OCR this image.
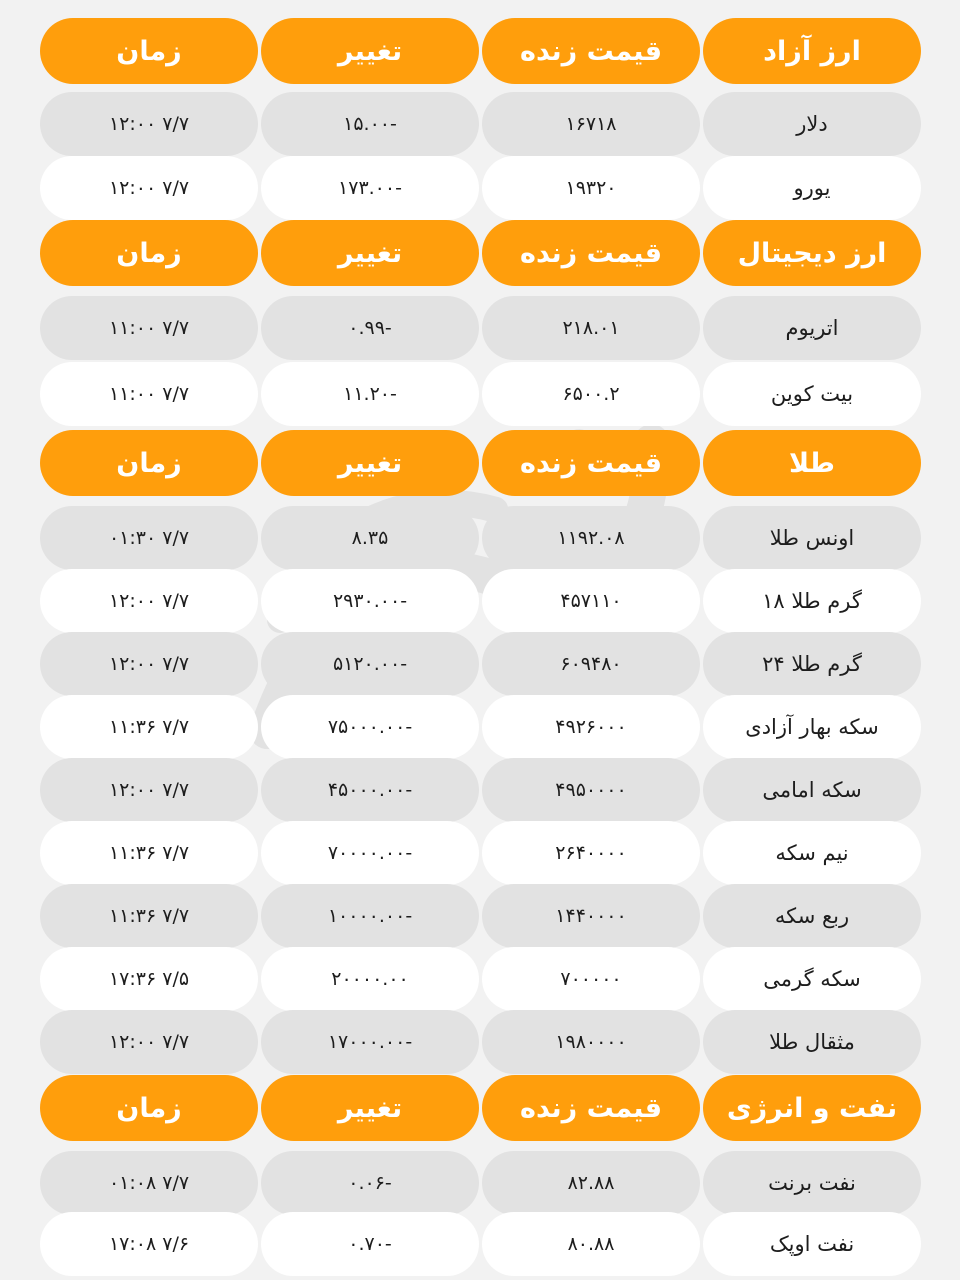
ارز آزاد
قیمت زنده
تغییر
زمان
دلار
۱۶۷۱۸
-۱۵.۰۰
۷/۷ ۱۲:۰۰
یورو
۱۹۳۲۰
-۱۷۳.۰۰
۷/۷ ۱۲:۰۰
ارز دیجیتال
قیمت زنده
تغییر
زمان
اتریوم
۲۱۸.۰۱
-۰.۹۹
۷/۷ ۱۱:۰۰
بیت کوین
۶۵۰۰.۲
-۱۱.۲۰
۷/۷ ۱۱:۰۰
طلا
قیمت زنده
تغییر
زمان
اونس طلا
۱۱۹۲.۰۸
۸.۳۵
۷/۷ ۰۱:۳۰
گرم طلا ۱۸
۴۵۷۱۱۰
-۲۹۳۰.۰۰
۷/۷ ۱۲:۰۰
گرم طلا ۲۴
۶۰۹۴۸۰
-۵۱۲۰.۰۰
۷/۷ ۱۲:۰۰
سکه بهار آزادی
۴۹۲۶۰۰۰
-۷۵۰۰۰.۰۰
۷/۷ ۱۱:۳۶
سکه امامی
۴۹۵۰۰۰۰
-۴۵۰۰۰.۰۰
۷/۷ ۱۲:۰۰
نیم سکه
۲۶۴۰۰۰۰
-۷۰۰۰۰.۰۰
۷/۷ ۱۱:۳۶
ربع سکه
۱۴۴۰۰۰۰
-۱۰۰۰۰.۰۰
۷/۷ ۱۱:۳۶
سکه گرمی
۷۰۰۰۰۰
۲۰۰۰۰.۰۰
۷/۵ ۱۷:۳۶
مثقال طلا
۱۹۸۰۰۰۰
-۱۷۰۰۰.۰۰
۷/۷ ۱۲:۰۰
نفت و انرژی
قیمت زنده
تغییر
زمان
نفت برنت
۸۲.۸۸
-۰.۰۶
۷/۷ ۰۱:۰۸
نفت اوپک
۸۰.۸۸
-۰.۷۰
۷/۶ ۱۷:۰۸
